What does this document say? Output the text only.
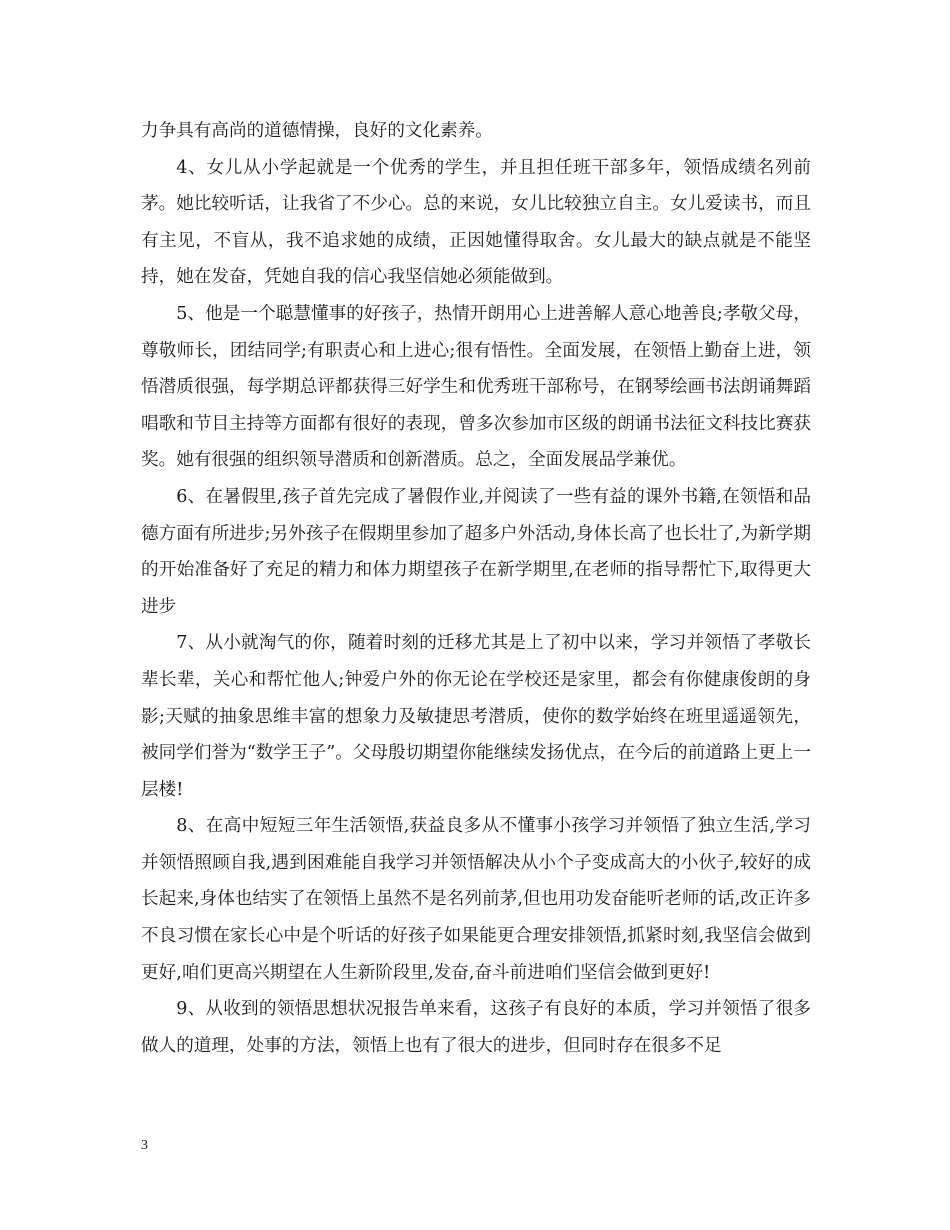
力争具有高尚的道德情操，良好的文化素养。

4、女儿从小学起就是一个优秀的学生，并且担任班干部多年，领悟成绩名列前茅。她比较听话，让我省了不少心。总的来说，女儿比较独立自主。女儿爱读书，而且有主见，不盲从，我不追求她的成绩，正因她懂得取舍。女儿最大的缺点就是不能坚持，她在发奋，凭她自我的信心我坚信她必须能做到。

5、他是一个聪慧懂事的好孩子，热情开朗用心上进善解人意心地善良;孝敬父母，尊敬师长，团结同学;有职责心和上进心;很有悟性。全面发展，在领悟上勤奋上进，领悟潜质很强，每学期总评都获得三好学生和优秀班干部称号，在钢琴绘画书法朗诵舞蹈唱歌和节目主持等方面都有很好的表现，曾多次参加市区级的朗诵书法征文科技比赛获奖。她有很强的组织领导潜质和创新潜质。总之，全面发展品学兼优。

6、在暑假里,孩子首先完成了暑假作业,并阅读了一些有益的课外书籍,在领悟和品德方面有所进步;另外孩子在假期里参加了超多户外活动,身体长高了也长壮了,为新学期的开始准备好了充足的精力和体力期望孩子在新学期里,在老师的指导帮忙下,取得更大进步

7、从小就淘气的你，随着时刻的迁移尤其是上了初中以来，学习并领悟了孝敬长辈长辈，关心和帮忙他人;钟爱户外的你无论在学校还是家里，都会有你健康俊朗的身影;天赋的抽象思维丰富的想象力及敏捷思考潜质，使你的数学始终在班里遥遥领先，被同学们誉为“数学王子”。父母殷切期望你能继续发扬优点，在今后的前道路上更上一层楼!

8、在高中短短三年生活领悟,获益良多从不懂事小孩学习并领悟了独立生活,学习并领悟照顾自我,遇到困难能自我学习并领悟解决从小个子变成高大的小伙子,较好的成长起来,身体也结实了在领悟上虽然不是名列前茅,但也用功发奋能听老师的话,改正许多不良习惯在家长心中是个听话的好孩子如果能更合理安排领悟,抓紧时刻,我坚信会做到更好,咱们更高兴期望在人生新阶段里,发奋,奋斗前进咱们坚信会做到更好!

9、从收到的领悟思想状况报告单来看，这孩子有良好的本质，学习并领悟了很多做人的道理，处事的方法，领悟上也有了很大的进步，但同时存在很多不足

3
